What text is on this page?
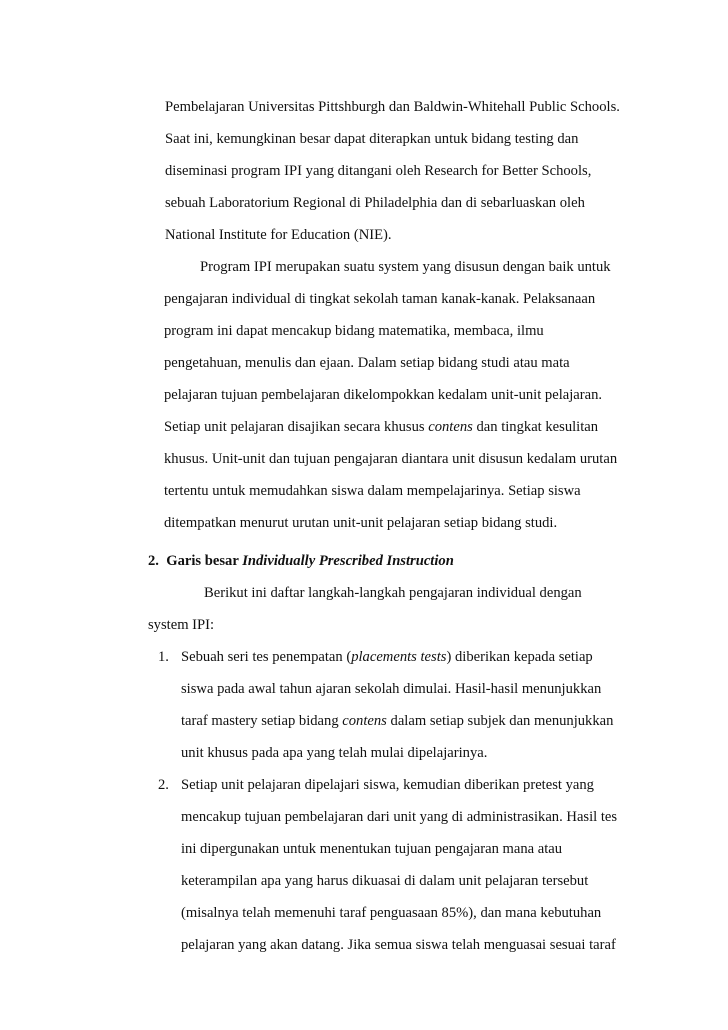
Pembelajaran Universitas Pittshburgh dan Baldwin-Whitehall Public Schools.

Saat ini, kemungkinan besar dapat diterapkan untuk bidang testing dan

diseminasi program IPI yang ditangani oleh Research for Better Schools,

sebuah Laboratorium Regional di Philadelphia dan di sebarluaskan oleh

National Institute for Education (NIE).

Program IPI merupakan suatu system yang disusun dengan baik untuk

pengajaran individual di tingkat sekolah taman kanak-kanak. Pelaksanaan

program ini dapat mencakup bidang matematika, membaca, ilmu

pengetahuan, menulis dan ejaan. Dalam setiap bidang studi atau mata

pelajaran tujuan pembelajaran dikelompokkan kedalam unit-unit pelajaran.

Setiap unit pelajaran disajikan secara khusus contens dan tingkat kesulitan

khusus. Unit-unit dan tujuan pengajaran diantara unit disusun kedalam urutan

tertentu untuk memudahkan siswa dalam mempelajarinya. Setiap siswa

ditempatkan menurut urutan unit-unit pelajaran setiap bidang studi.

2. Garis besar Individually Prescribed Instruction

Berikut ini daftar langkah-langkah pengajaran individual dengan

system IPI:

1. Sebuah seri tes penempatan (placements tests) diberikan kepada setiap

siswa pada awal tahun ajaran sekolah dimulai. Hasil-hasil menunjukkan

taraf mastery setiap bidang contens dalam setiap subjek dan menunjukkan

unit khusus pada apa yang telah mulai dipelajarinya.

2. Setiap unit pelajaran dipelajari siswa, kemudian diberikan pretest yang

mencakup tujuan pembelajaran dari unit yang di administrasikan. Hasil tes

ini dipergunakan untuk menentukan tujuan pengajaran mana atau

keterampilan apa yang harus dikuasai di dalam unit pelajaran tersebut

(misalnya telah memenuhi taraf penguasaan 85%), dan mana kebutuhan

pelajaran yang akan datang. Jika semua siswa telah menguasai sesuai taraf
